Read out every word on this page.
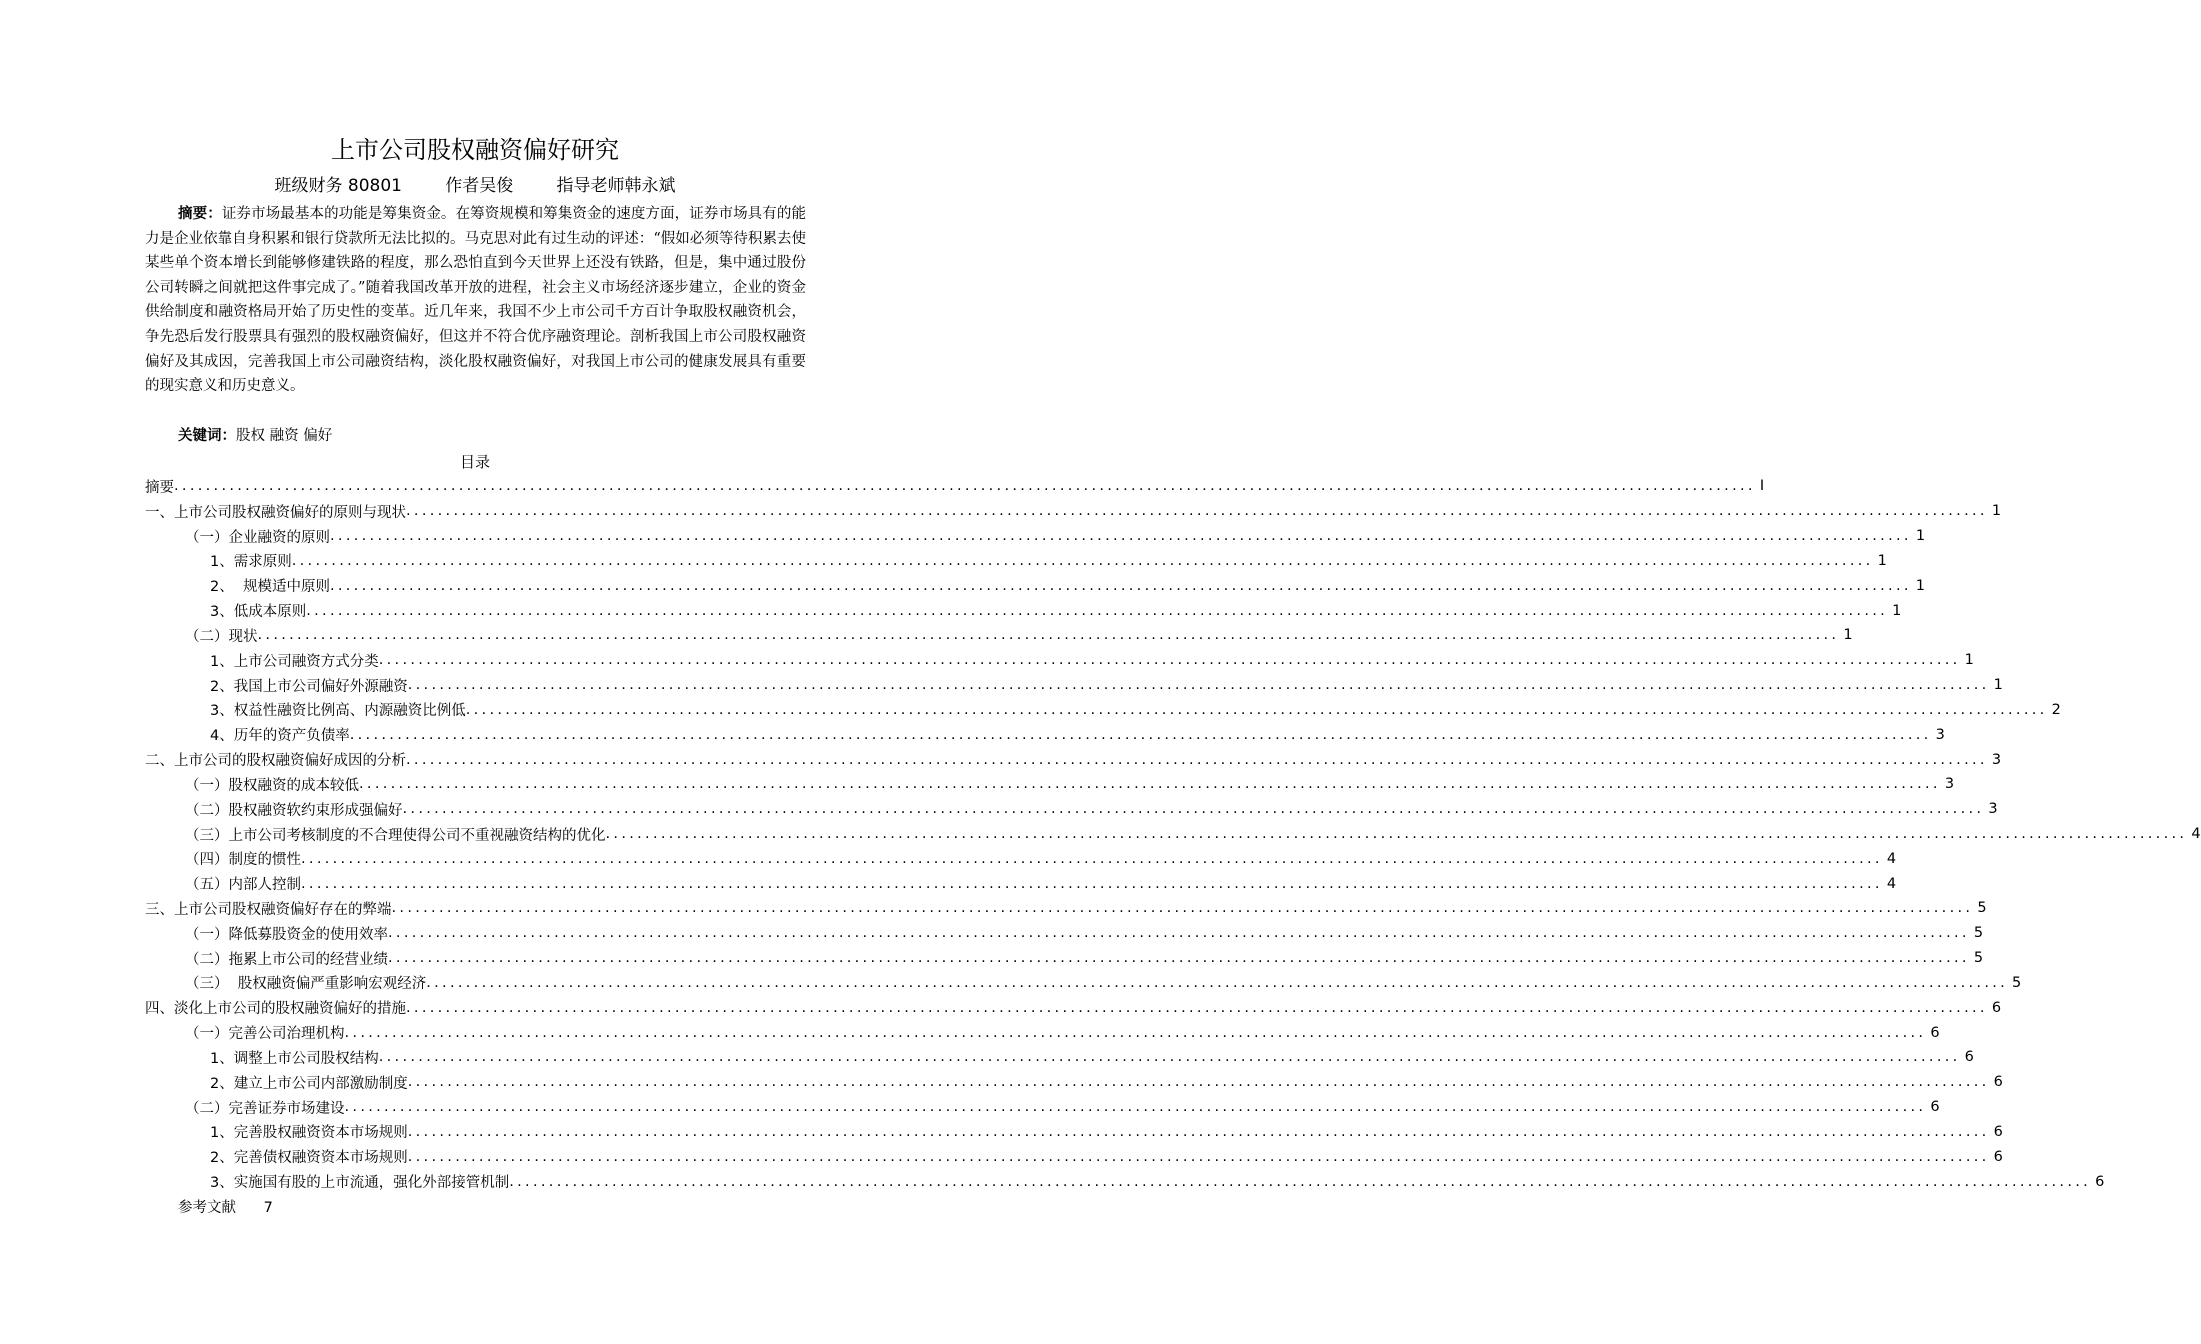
上市公司股权融资偏好研究
班级财务 80801        作者吴俊        指导老师韩永斌
摘要：证券市场最基本的功能是筹集资金。在筹资规模和筹集资金的速度方面，证券市场具有的能力是企业依靠自身积累和银行贷款所无法比拟的。马克思对此有过生动的评述：“假如必须等待积累去使某些单个资本增长到能够修建铁路的程度，那么恐怕直到今天世界上还没有铁路，但是，集中通过股份公司转瞬之间就把这件事完成了。”随着我国改革开放的进程，社会主义市场经济逐步建立，企业的资金供给制度和融资格局开始了历史性的变革。近几年来，我国不少上市公司千方百计争取股权融资机会，争先恐后发行股票具有强烈的股权融资偏好，但这并不符合优序融资理论。剖析我国上市公司股权融资偏好及其成因，完善我国上市公司融资结构，淡化股权融资偏好，对我国上市公司的健康发展具有重要的现实意义和历史意义。
关键词：股权 融资 偏好
目录
摘要 ........................................................................................................................................................................................................ I
一、上市公司股权融资偏好的原则与现状 ........................................................................................................................................................................................................ 1
（一）企业融资的原则 ........................................................................................................................................................................................................ 1
1、需求原则 ........................................................................................................................................................................................................ 1
2、  规模适中原则 ........................................................................................................................................................................................................ 1
3、低成本原则 ........................................................................................................................................................................................................ 1
（二）现状 ........................................................................................................................................................................................................ 1
1、上市公司融资方式分类 ........................................................................................................................................................................................................ 1
2、我国上市公司偏好外源融资 ........................................................................................................................................................................................................ 1
3、权益性融资比例高、内源融资比例低 ........................................................................................................................................................................................................ 2
4、历年的资产负债率 ........................................................................................................................................................................................................ 3
二、上市公司的股权融资偏好成因的分析 ........................................................................................................................................................................................................ 3
（一）股权融资的成本较低 ........................................................................................................................................................................................................ 3
（二）股权融资软约束形成强偏好 ........................................................................................................................................................................................................ 3
（三）上市公司考核制度的不合理使得公司不重视融资结构的优化 ........................................................................................................................................................................................................ 4
（四）制度的惯性 ........................................................................................................................................................................................................ 4
（五）内部人控制 ........................................................................................................................................................................................................ 4
三、上市公司股权融资偏好存在的弊端 ........................................................................................................................................................................................................ 5
（一）降低募股资金的使用效率 ........................................................................................................................................................................................................ 5
（二）拖累上市公司的经营业绩 ........................................................................................................................................................................................................ 5
（三）  股权融资偏严重影响宏观经济 ........................................................................................................................................................................................................ 5
四、淡化上市公司的股权融资偏好的措施 ........................................................................................................................................................................................................ 6
（一）完善公司治理机构 ........................................................................................................................................................................................................ 6
1、调整上市公司股权结构 ........................................................................................................................................................................................................ 6
2、建立上市公司内部激励制度 ........................................................................................................................................................................................................ 6
（二）完善证券市场建设 ........................................................................................................................................................................................................ 6
1、完善股权融资资本市场规则 ........................................................................................................................................................................................................ 6
2、完善债权融资资本市场规则 ........................................................................................................................................................................................................ 6
3、实施国有股的上市流通，强化外部接管机制 ........................................................................................................................................................................................................ 6
参考文献      7
